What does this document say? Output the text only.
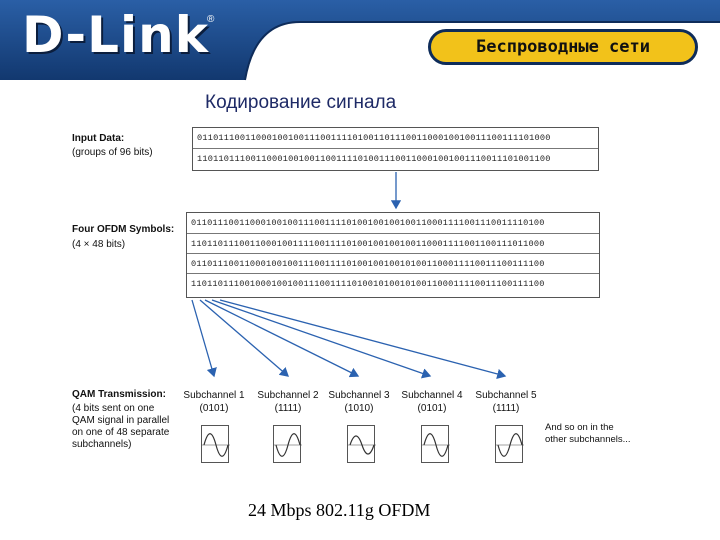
D-Link
®
Беспроводные сети
Кодирование сигнала
Input Data:
(groups of 96 bits)
Four OFDM Symbols:
(4 × 48 bits)
QAM Transmission:
(4 bits sent on one
QAM signal in parallel
on one of 48 separate
subchannels)
011011100110001001001110011110100110111001100010010011100111101000
110110111001100010010011001111010011100110001001001110011101001100
011011100110001001001110011110100100100100110001111001110011110100
110110111001100010011110011110100100100100110001111001100111011000
011011100110001001001110011110100100100101001100011110011100111100
110110111001000100100111001111010010100101001100011110011100111100
Subchannel 1
(0101)
Subchannel 2
(1111)
Subchannel 3
(1010)
Subchannel 4
(0101)
Subchannel 5
(1111)
And so on in the
other subchannels...
24 Mbps 802.11g OFDM
